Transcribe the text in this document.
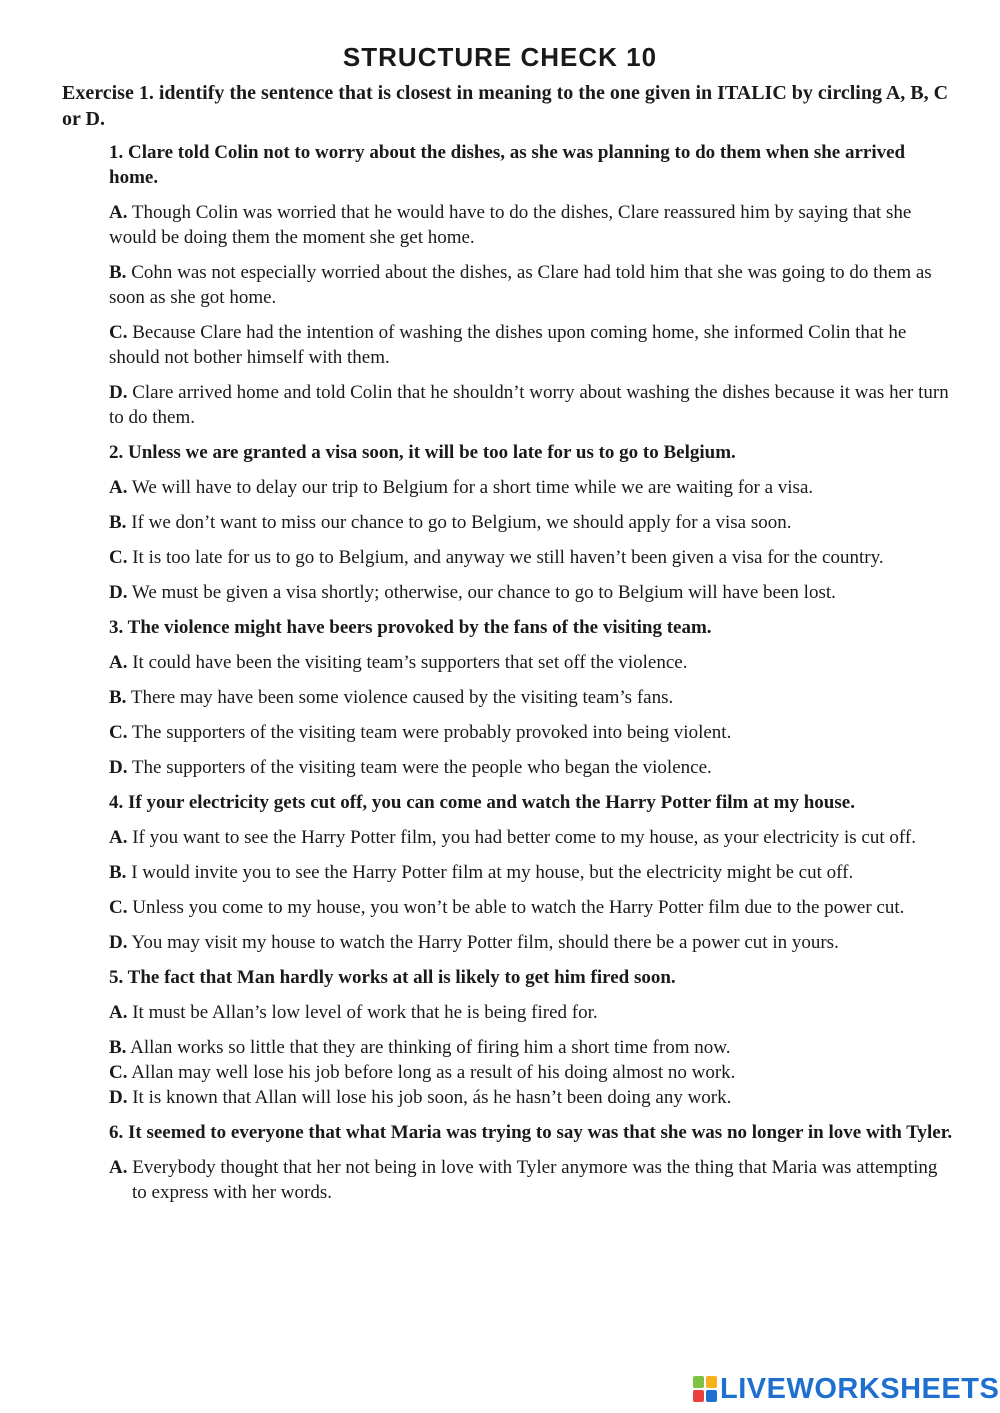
STRUCTURE CHECK 10
Exercise 1. identify the sentence that is closest in meaning to the one given in ITALIC by circling A, B, C or D.
1. Clare told Colin not to worry about the dishes, as she was planning to do them when she arrived home.
A. Though Colin was worried that he would have to do the dishes, Clare reassured him by saying that she would be doing them the moment she get home.
B. Cohn was not especially worried about the dishes, as Clare had told him that she was going to do them as soon as she got home.
C. Because Clare had the intention of washing the dishes upon coming home, she informed Colin that he should not bother himself with them.
D. Clare arrived home and told Colin that he shouldn’t worry about washing the dishes because it was her turn to do them.
2. Unless we are granted a visa soon, it will be too late for us to go to Belgium.
A. We will have to delay our trip to Belgium for a short time while we are waiting for a visa.
B. If we don’t want to miss our chance to go to Belgium, we should apply for a visa soon.
C. It is too late for us to go to Belgium, and anyway we still haven’t been given a visa for the country.
D. We must be given a visa shortly; otherwise, our chance to go to Belgium will have been lost.
3. The violence might have beers provoked by the fans of the visiting team.
A. It could have been the visiting team’s supporters that set off the violence.
B. There may have been some violence caused by the visiting team’s fans.
C. The supporters of the visiting team were probably provoked into being violent.
D. The supporters of the visiting team were the people who began the violence.
4. If your electricity gets cut off, you can come and watch the Harry Potter film at my house.
A. If you want to see the Harry Potter film, you had better come to my house, as your electricity is cut off.
B. I would invite you to see the Harry Potter film at my house, but the electricity might be cut off.
C. Unless you come to my house, you won’t be able to watch the Harry Potter film due to the power cut.
D. You may visit my house to watch the Harry Potter film, should there be a power cut in yours.
5. The fact that Man hardly works at all is likely to get him fired soon.
A. It must be Allan’s low level of work that he is being fired for.
B. Allan works so little that they are thinking of firing him a short time from now.
C. Allan may well lose his job before long as a result of his doing almost no work.
D. It is known that Allan will lose his job soon, ás he hasn’t been doing any work.
6. It seemed to everyone that what Maria was trying to say was that she was no longer in love with Tyler.
A. Everybody thought that her not being in love with Tyler anymore was the thing that Maria was attempting to express with her words.
LIVEWORKSHEETS
